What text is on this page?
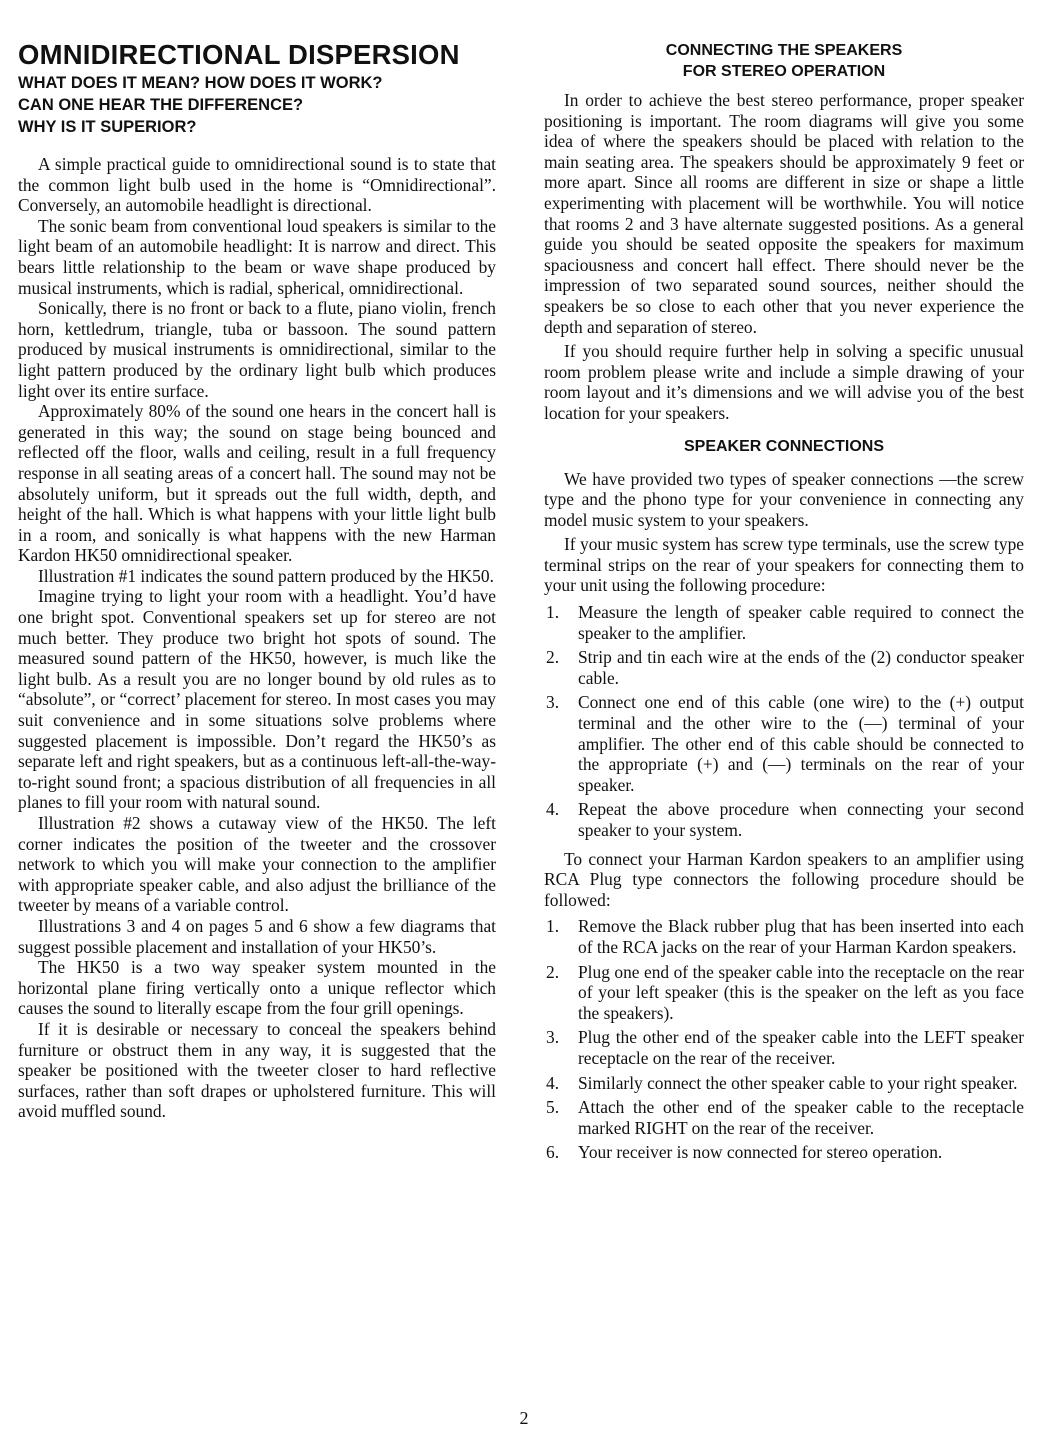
OMNIDIRECTIONAL DISPERSION
WHAT DOES IT MEAN? HOW DOES IT WORK?
CAN ONE HEAR THE DIFFERENCE?
WHY IS IT SUPERIOR?

A simple practical guide to omnidirectional sound is to state that the common light bulb used in the home is “Omnidirectional”. Conversely, an automobile headlight is directional.

The sonic beam from conventional loud speakers is similar to the light beam of an automobile headlight: It is narrow and direct. This bears little relationship to the beam or wave shape produced by musical instruments, which is radial, spherical, omnidirectional.

Sonically, there is no front or back to a flute, piano violin, french horn, kettledrum, triangle, tuba or bassoon. The sound pattern produced by musical instruments is omnidirectional, similar to the light pattern produced by the ordinary light bulb which produces light over its entire surface.

Approximately 80% of the sound one hears in the concert hall is generated in this way; the sound on stage being bounced and reflected off the floor, walls and ceiling, result in a full frequency response in all seating areas of a concert hall. The sound may not be absolutely uniform, but it spreads out the full width, depth, and height of the hall. Which is what happens with your little light bulb in a room, and sonically is what happens with the new Harman Kardon HK50 omnidirectional speaker.

Illustration #1 indicates the sound pattern produced by the HK50.

Imagine trying to light your room with a headlight. You’d have one bright spot. Conventional speakers set up for stereo are not much better. They produce two bright hot spots of sound. The measured sound pattern of the HK50, however, is much like the light bulb. As a result you are no longer bound by old rules as to “absolute”, or “correct’ placement for stereo. In most cases you may suit convenience and in some situations solve problems where suggested placement is impossible. Don’t regard the HK50’s as separate left and right speakers, but as a continuous left-all-the-way-to-right sound front; a spacious distribution of all frequencies in all planes to fill your room with natural sound.

Illustration #2 shows a cutaway view of the HK50. The left corner indicates the position of the tweeter and the crossover network to which you will make your connection to the amplifier with appropriate speaker cable, and also adjust the brilliance of the tweeter by means of a variable control.

Illustrations 3 and 4 on pages 5 and 6 show a few diagrams that suggest possible placement and installation of your HK50’s.

The HK50 is a two way speaker system mounted in the horizontal plane firing vertically onto a unique reflector which causes the sound to literally escape from the four grill openings.

If it is desirable or necessary to conceal the speakers behind furniture or obstruct them in any way, it is suggested that the speaker be positioned with the tweeter closer to hard reflective surfaces, rather than soft drapes or upholstered furniture. This will avoid muffled sound.

CONNECTING THE SPEAKERS
FOR STEREO OPERATION

In order to achieve the best stereo performance, proper speaker positioning is important. The room diagrams will give you some idea of where the speakers should be placed with relation to the main seating area. The speakers should be approximately 9 feet or more apart. Since all rooms are different in size or shape a little experimenting with placement will be worthwhile. You will notice that rooms 2 and 3 have alternate suggested positions. As a general guide you should be seated opposite the speakers for maximum spaciousness and concert hall effect. There should never be the impression of two separated sound sources, neither should the speakers be so close to each other that you never experience the depth and separation of stereo.

If you should require further help in solving a specific unusual room problem please write and include a simple drawing of your room layout and it’s dimensions and we will advise you of the best location for your speakers.

SPEAKER CONNECTIONS

We have provided two types of speaker connections —the screw type and the phono type for your convenience in connecting any model music system to your speakers.

If your music system has screw type terminals, use the screw type terminal strips on the rear of your speakers for connecting them to your unit using the following procedure:

1. Measure the length of speaker cable required to connect the speaker to the amplifier.
2. Strip and tin each wire at the ends of the (2) conductor speaker cable.
3. Connect one end of this cable (one wire) to the (+) output terminal and the other wire to the (—) terminal of your amplifier. The other end of this cable should be connected to the appropriate (+) and (—) terminals on the rear of your speaker.
4. Repeat the above procedure when connecting your second speaker to your system.

To connect your Harman Kardon speakers to an amplifier using RCA Plug type connectors the following procedure should be followed:

1. Remove the Black rubber plug that has been inserted into each of the RCA jacks on the rear of your Harman Kardon speakers.
2. Plug one end of the speaker cable into the receptacle on the rear of your left speaker (this is the speaker on the left as you face the speakers).
3. Plug the other end of the speaker cable into the LEFT speaker receptacle on the rear of the receiver.
4. Similarly connect the other speaker cable to your right speaker.
5. Attach the other end of the speaker cable to the receptacle marked RIGHT on the rear of the receiver.
6. Your receiver is now connected for stereo operation.
2
